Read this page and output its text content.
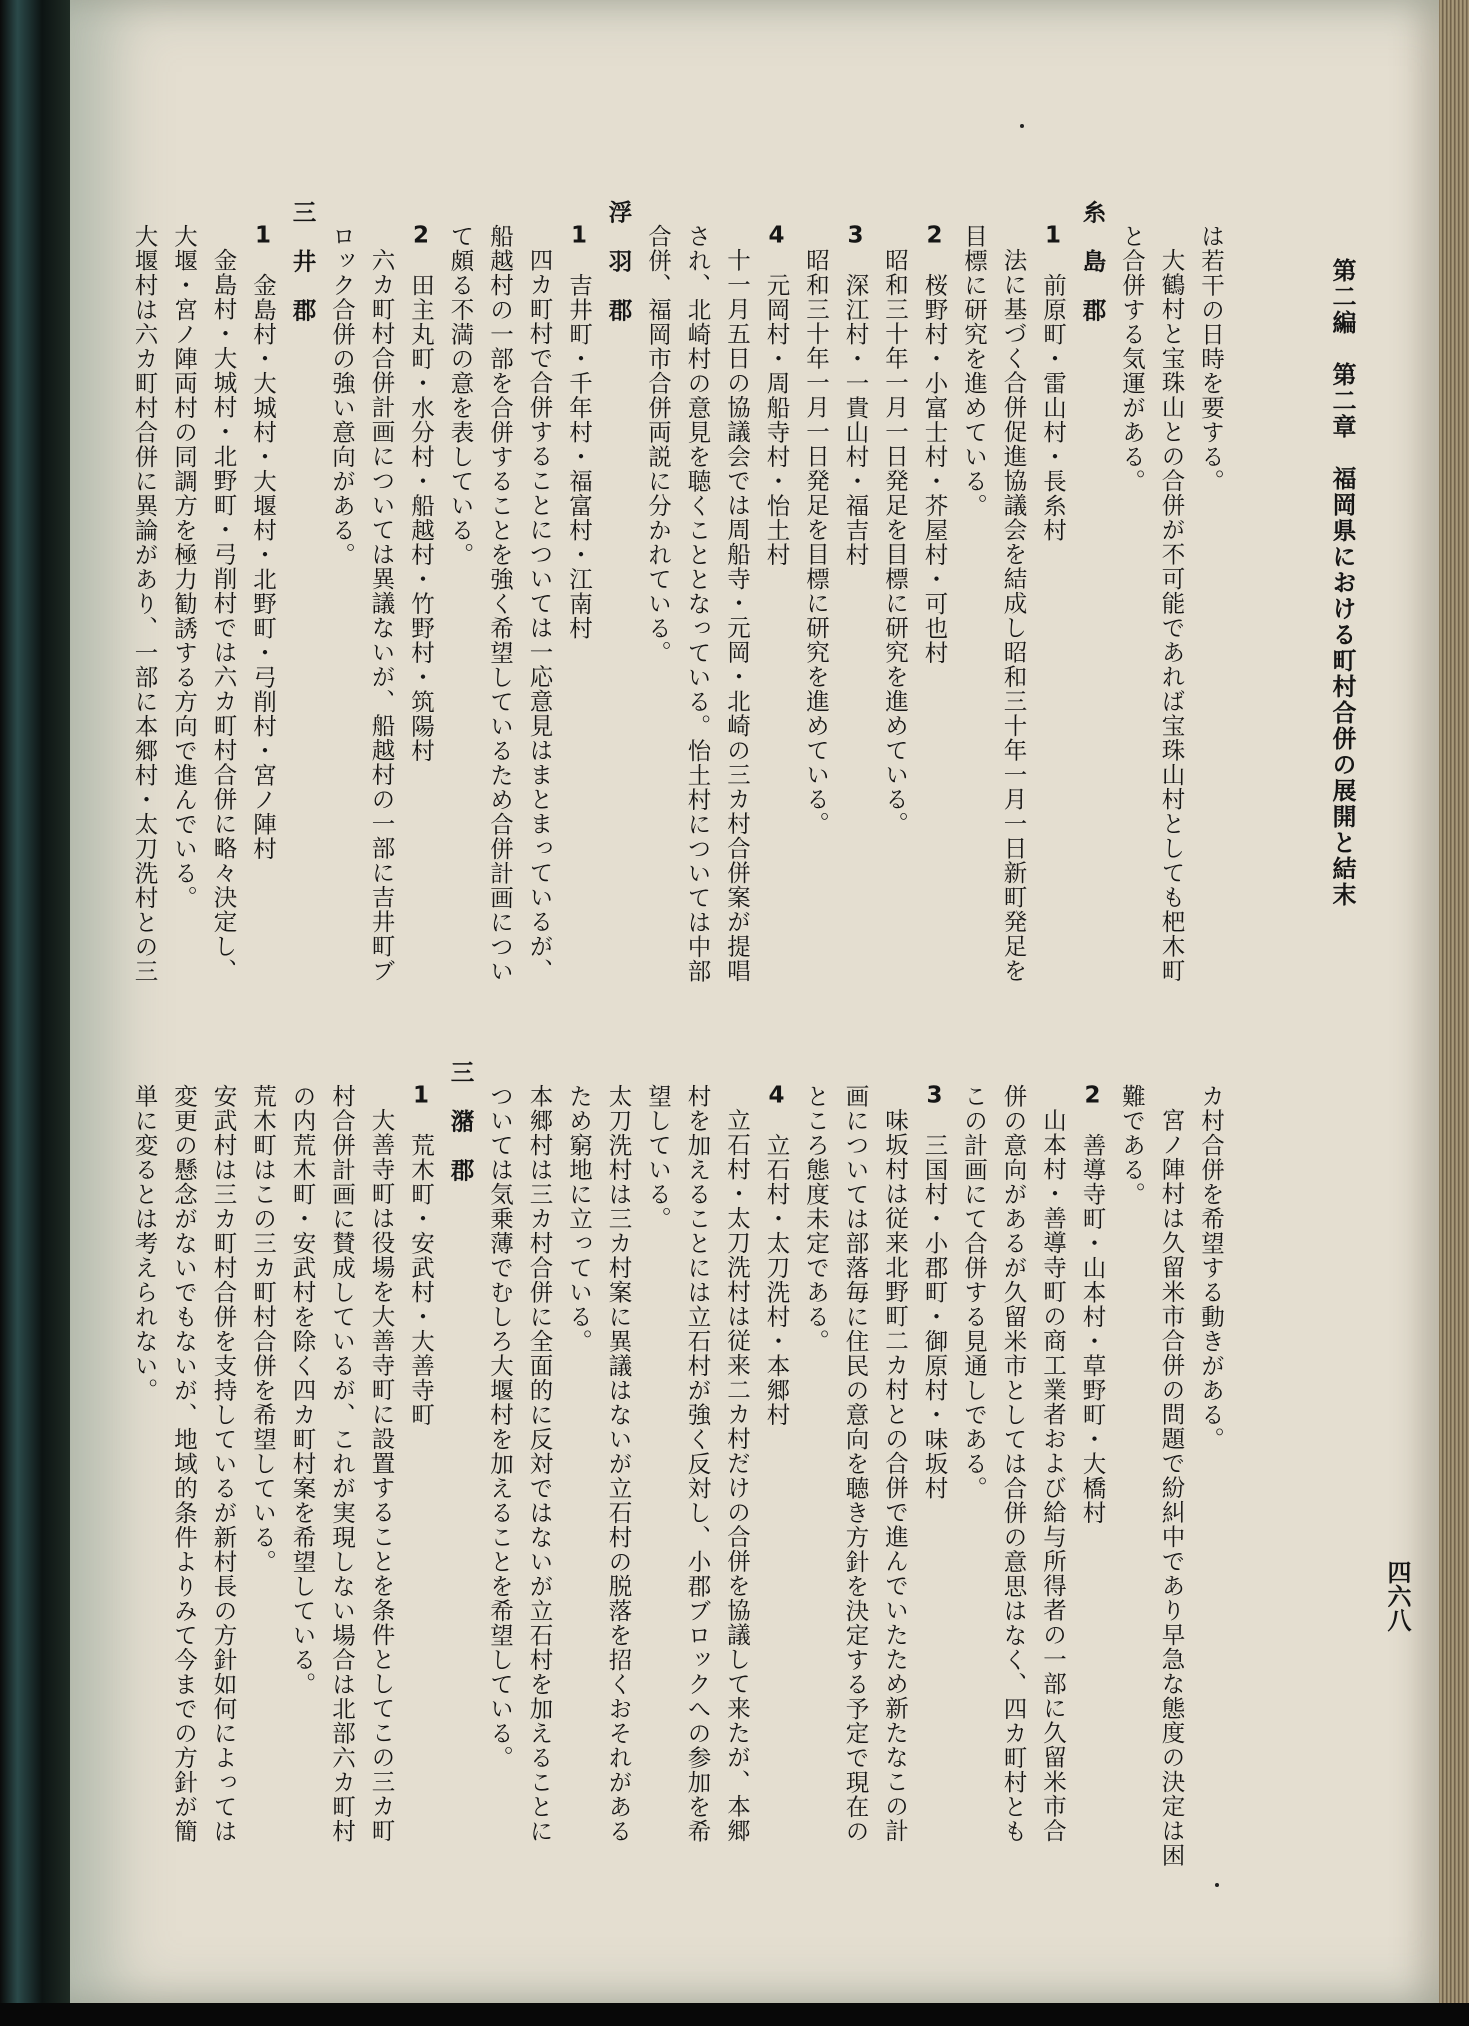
第二編　第二章　福岡県における町村合併の展開と結末
四六八
は若干の日時を要する。
大鶴村と宝珠山との合併が不可能であれば宝珠山村としても杷木町
と合併する気運がある。
糸　島　郡
1前原町・雷山村・長糸村
法に基づく合併促進協議会を結成し昭和三十年一月一日新町発足を
目標に研究を進めている。
2桜野村・小富士村・芥屋村・可也村
昭和三十年一月一日発足を目標に研究を進めている。
3深江村・一貴山村・福吉村
昭和三十年一月一日発足を目標に研究を進めている。
4元岡村・周船寺村・怡土村
十一月五日の協議会では周船寺・元岡・北崎の三カ村合併案が提唱
され、北崎村の意見を聴くこととなっている。怡土村については中部
合併、福岡市合併両説に分かれている。
浮　羽　郡
1吉井町・千年村・福富村・江南村
四カ町村で合併することについては一応意見はまとまっているが、
船越村の一部を合併することを強く希望しているため合併計画につい
て頗る不満の意を表している。
2田主丸町・水分村・船越村・竹野村・筑陽村
六カ町村合併計画については異議ないが、船越村の一部に吉井町ブ
ロック合併の強い意向がある。
三　井　郡
1金島村・大城村・大堰村・北野町・弓削村・宮ノ陣村
金島村・大城村・北野町・弓削村では六カ町村合併に略々決定し、
大堰・宮ノ陣両村の同調方を極力勧誘する方向で進んでいる。
大堰村は六カ町村合併に異論があり、一部に本郷村・太刀洗村との三
カ村合併を希望する動きがある。
宮ノ陣村は久留米市合併の問題で紛糾中であり早急な態度の決定は困
難である。
2善導寺町・山本村・草野町・大橋村
山本村・善導寺町の商工業者および給与所得者の一部に久留米市合
併の意向があるが久留米市としては合併の意思はなく、四カ町村とも
この計画にて合併する見通しである。
3三国村・小郡町・御原村・味坂村
味坂村は従来北野町二カ村との合併で進んでいたため新たなこの計
画については部落毎に住民の意向を聴き方針を決定する予定で現在の
ところ態度未定である。
4立石村・太刀洗村・本郷村
立石村・太刀洗村は従来二カ村だけの合併を協議して来たが、本郷
村を加えることには立石村が強く反対し、小郡ブロックへの参加を希
望している。
太刀洗村は三カ村案に異議はないが立石村の脱落を招くおそれがある
ため窮地に立っている。
本郷村は三カ村合併に全面的に反対ではないが立石村を加えることに
ついては気乗薄でむしろ大堰村を加えることを希望している。
三　潴　郡
1荒木町・安武村・大善寺町
大善寺町は役場を大善寺町に設置することを条件としてこの三カ町
村合併計画に賛成しているが、これが実現しない場合は北部六カ町村
の内荒木町・安武村を除く四カ町村案を希望している。
荒木町はこの三カ町村合併を希望している。
安武村は三カ町村合併を支持しているが新村長の方針如何によっては
変更の懸念がないでもないが、地域的条件よりみて今までの方針が簡
単に変るとは考えられない。
